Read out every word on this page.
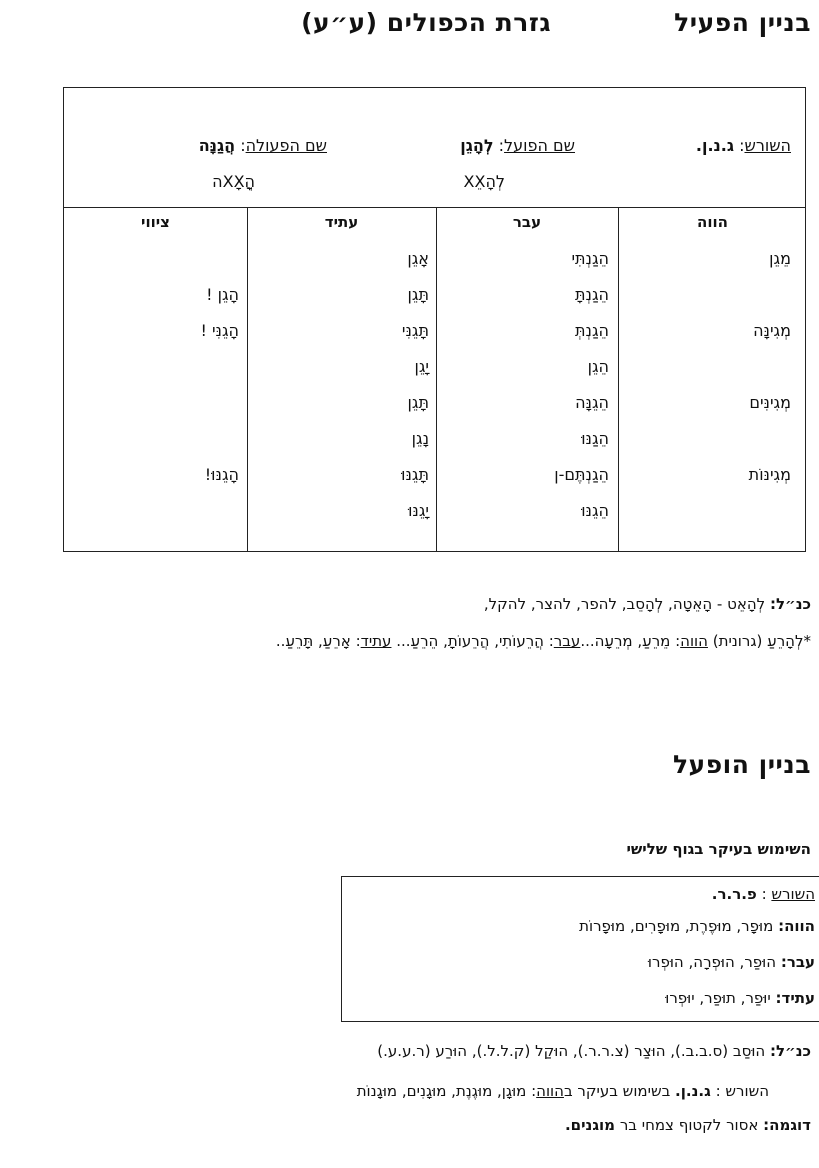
בניין הפעיל
גזרת הכפולים (ע״ע)
השורש: ג.נ.ן.
שם הפועל: לְהָגֵן
שם הפעולה: הֲגַנָּה
לְהָXֵX
הֲXָXָה
הווה
עבר
עתיד
ציווי
מֵגֵן
הֵגַנְתִּי
אָגֵן
הֵגַנְתָּ
תָּגֵן
הָגֵן !
מְגִינָּה
הֵגַנְתְּ
תָּגֵנִּי
הָגֵנִּי !
הֵגֵן
יָגֵן
מְגִינִּים
הֵגֵנָּה
תָּגֵן
הֵגַנּוּ
נָגֵן
מְגִינּוֹת
הֵגַנְתֶּם-ן
תָּגֵנּוּ
הָגֵנּוּ!
הֵגֵנּוּ
יָגֵנּוּ
כנ״ל: לְהָאֵט - הָאֵטָה, לְהָסֵב, להפר, להצר, להקל,
*לְהָרֵעַ (גרונית) הווה: מֵרֵעַ, מְרֵעָה...עבר: הֲרֵעוֹתִי, הֲרֵעוֹתָ, הֵרֵעַ... עתיד: אָרֵעַ, תָּרֵעַ..
בניין הופעל
השימוש בעיקר בגוף שלישי
השורש : פ.ר.ר.
הווה: מוּפָר, מוּפֶרֶת, מוּפָרִים, מוּפָרוֹת
עבר: הוּפַר, הוּפְרָה, הוּפְרוּ
עתיד: יוּפַר, תוּפַר, יוּפְרוּ
כנ״ל: הוּסַב (ס.ב.ב.), הוּצַר (צ.ר.ר.), הוּקַל (ק.ל.ל.), הוּרַע (ר.ע.ע.)
השורש : ג.נ.ן. בשימוש בעיקר בהווה: מוּגָן, מוּגֶנֶת, מוּגָנִים, מוּגָנוֹת
דוגמה: אסור לקטוף צמחי בר מוגנים.
